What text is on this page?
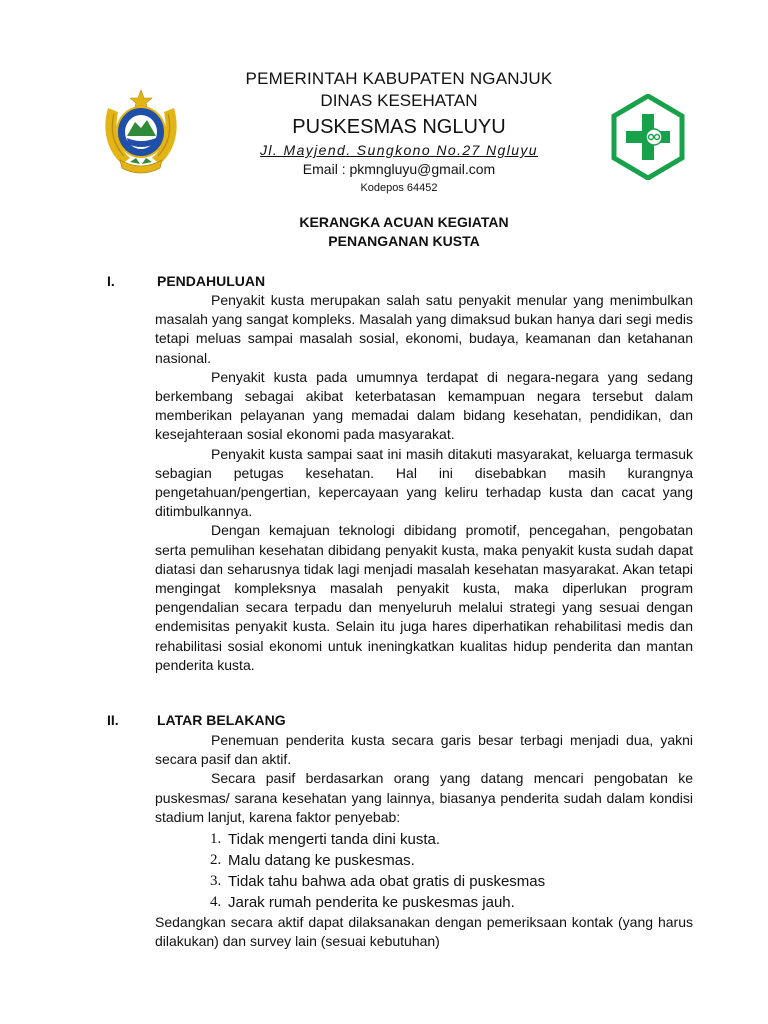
PEMERINTAH KABUPATEN NGANJUK
DINAS KESEHATAN
PUSKESMAS NGLUYU
Jl. Mayjend. Sungkono No.27 Ngluyu
Email : pkmngluyu@gmail.com
Kodepos 64452
KERANGKA ACUAN KEGIATAN
PENANGANAN KUSTA
I.	PENDAHULUAN

Penyakit kusta merupakan salah satu penyakit menular yang menimbulkan masalah yang sangat kompleks. Masalah yang dimaksud bukan hanya dari segi medis tetapi meluas sampai masalah sosial, ekonomi, budaya, keamanan dan ketahanan nasional.

Penyakit kusta pada umumnya terdapat di negara-negara yang sedang berkembang sebagai akibat keterbatasan kemampuan negara tersebut dalam memberikan pelayanan yang memadai dalam bidang kesehatan, pendidikan, dan kesejahteraan sosial ekonomi pada masyarakat.

Penyakit kusta sampai saat ini masih ditakuti masyarakat, keluarga termasuk sebagian petugas kesehatan. Hal ini disebabkan masih kurangnya pengetahuan/pengertian, kepercayaan yang keliru terhadap kusta dan cacat yang ditimbulkannya.

Dengan kemajuan teknologi dibidang promotif, pencegahan, pengobatan serta pemulihan kesehatan dibidang penyakit kusta, maka penyakit kusta sudah dapat diatasi dan seharusnya tidak lagi menjadi masalah kesehatan masyarakat. Akan tetapi mengingat kompleksnya masalah penyakit kusta, maka diperlukan program pengendalian secara terpadu dan menyeluruh melalui strategi yang sesuai dengan endemisitas penyakit kusta. Selain itu juga hares diperhatikan rehabilitasi medis dan rehabilitasi sosial ekonomi untuk ineningkatkan kualitas hidup penderita dan mantan penderita kusta.

II.	LATAR BELAKANG

Penemuan penderita kusta secara garis besar terbagi menjadi dua, yakni secara pasif dan aktif.

Secara pasif berdasarkan orang yang datang mencari pengobatan ke puskesmas/ sarana kesehatan yang lainnya, biasanya penderita sudah dalam kondisi stadium lanjut, karena faktor penyebab:

1. Tidak mengerti tanda dini kusta.
2. Malu datang ke puskesmas.
3. Tidak tahu bahwa ada obat gratis di puskesmas
4. Jarak rumah penderita ke puskesmas jauh.

Sedangkan secara aktif dapat dilaksanakan dengan pemeriksaan kontak (yang harus dilakukan) dan survey lain (sesuai kebutuhan)
